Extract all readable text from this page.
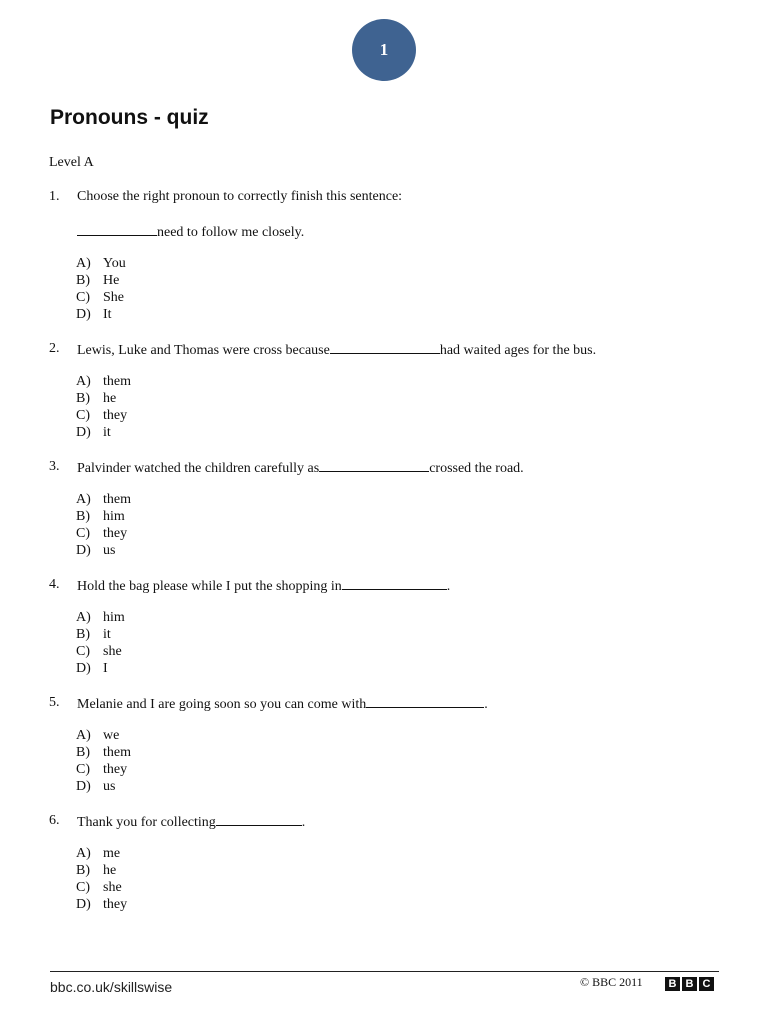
1
Pronouns - quiz
Level A
1. Choose the right pronoun to correctly finish this sentence:
need to follow me closely.
A) You
B) He
C) She
D) It
2. Lewis, Luke and Thomas were cross because	had waited ages for the bus.
A) them
B) he
C) they
D) it
3. Palvinder watched the children carefully as	crossed the road.
A) them
B) him
C) they
D) us
4. Hold the bag please while I put the shopping in	.
A) him
B) it
C) she
D) I
5. Melanie and I are going soon so you can come with	.
A) we
B) them
C) they
D) us
6. Thank you for collecting	.
A) me
B) he
C) she
D) they
bbc.co.uk/skillswise	© BBC 2011	B B C
